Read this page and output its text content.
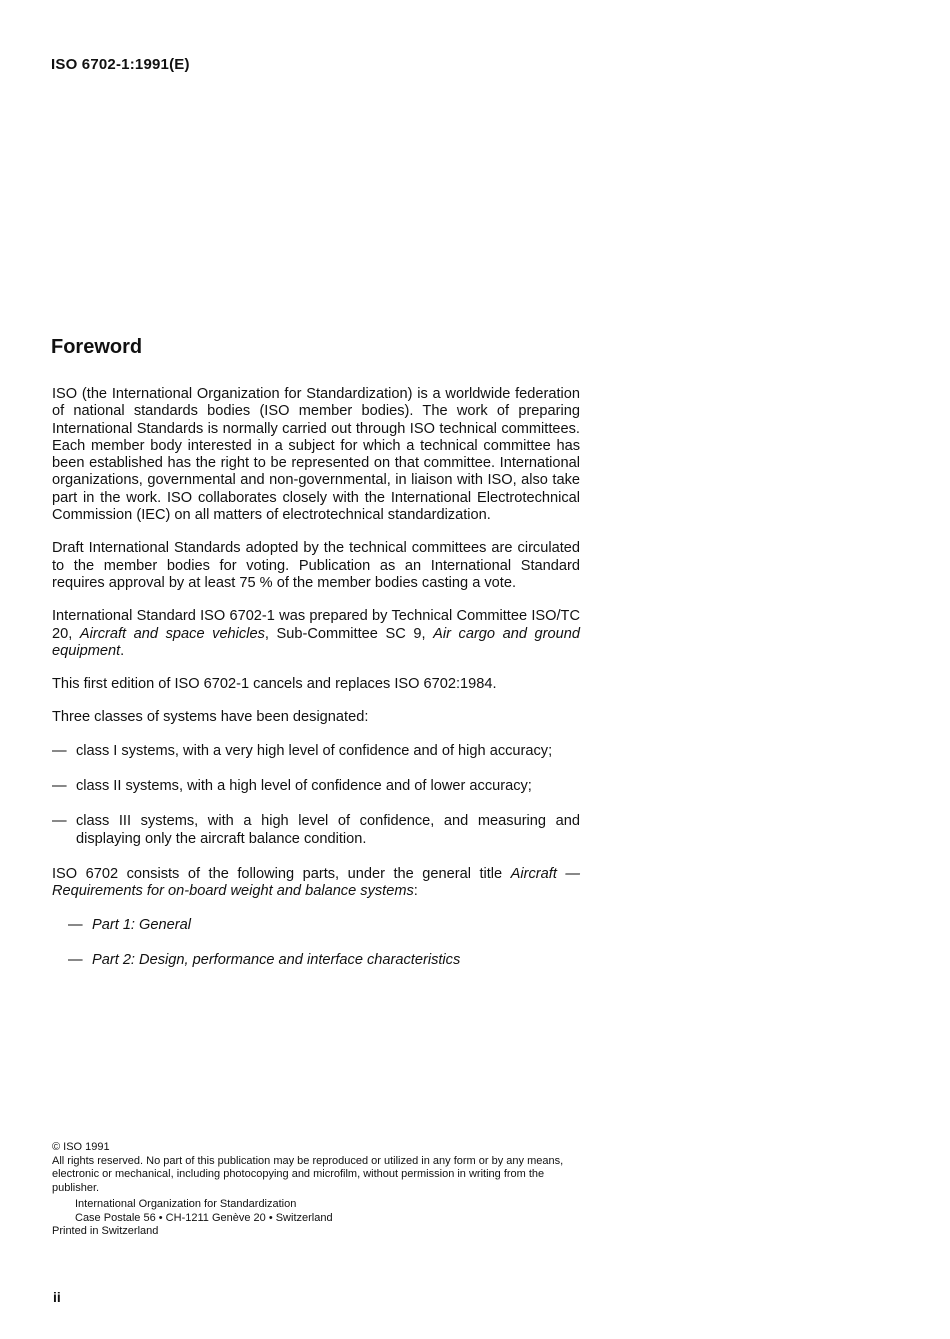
ISO 6702-1:1991(E)
Foreword

ISO (the International Organization for Standardization) is a worldwide federation of national standards bodies (ISO member bodies). The work of preparing International Standards is normally carried out through ISO technical committees. Each member body interested in a subject for which a technical committee has been established has the right to be represented on that committee. International organizations, governmental and non-governmental, in liaison with ISO, also take part in the work. ISO collaborates closely with the International Electrotechnical Commission (IEC) on all matters of electrotechnical standardization.

Draft International Standards adopted by the technical committees are circulated to the member bodies for voting. Publication as an International Standard requires approval by at least 75 % of the member bodies casting a vote.

International Standard ISO 6702-1 was prepared by Technical Committee ISO/TC 20, Aircraft and space vehicles, Sub-Committee SC 9, Air cargo and ground equipment.

This first edition of ISO 6702-1 cancels and replaces ISO 6702:1984.

Three classes of systems have been designated:

— class I systems, with a very high level of confidence and of high accuracy;
— class II systems, with a high level of confidence and of lower accuracy;
— class III systems, with a high level of confidence, and measuring and displaying only the aircraft balance condition.

ISO 6702 consists of the following parts, under the general title Aircraft — Requirements for on-board weight and balance systems:

— Part 1: General
— Part 2: Design, performance and interface characteristics

© ISO 1991

All rights reserved. No part of this publication may be reproduced or utilized in any form or by any means, electronic or mechanical, including photocopying and microfilm, without permission in writing from the publisher.

International Organization for Standardization

Case Postale 56 • CH-1211 Genève 20 • Switzerland

Printed in Switzerland

ii
